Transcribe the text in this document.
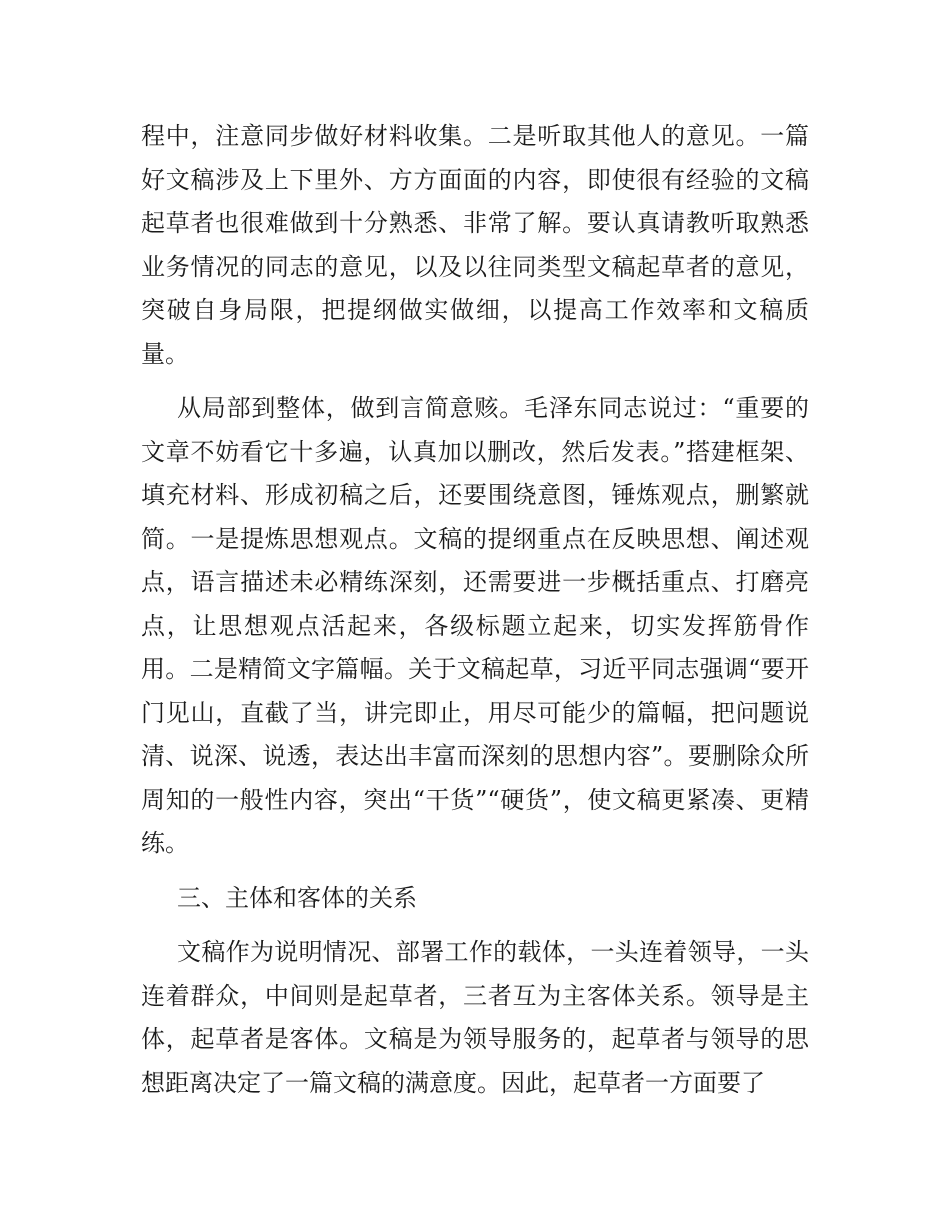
程中，注意同步做好材料收集。二是听取其他人的意见。一篇好文稿涉及上下里外、方方面面的内容，即使很有经验的文稿起草者也很难做到十分熟悉、非常了解。要认真请教听取熟悉业务情况的同志的意见，以及以往同类型文稿起草者的意见，突破自身局限，把提纲做实做细，以提高工作效率和文稿质量。

从局部到整体，做到言简意赅。毛泽东同志说过：“重要的文章不妨看它十多遍，认真加以删改，然后发表。”搭建框架、填充材料、形成初稿之后，还要围绕意图，锤炼观点，删繁就简。一是提炼思想观点。文稿的提纲重点在反映思想、阐述观点，语言描述未必精练深刻，还需要进一步概括重点、打磨亮点，让思想观点活起来，各级标题立起来，切实发挥筋骨作用。二是精简文字篇幅。关于文稿起草，习近平同志强调“要开门见山，直截了当，讲完即止，用尽可能少的篇幅，把问题说清、说深、说透，表达出丰富而深刻的思想内容”。要删除众所周知的一般性内容，突出“干货”“硬货”，使文稿更紧凑、更精练。

三、主体和客体的关系

文稿作为说明情况、部署工作的载体，一头连着领导，一头连着群众，中间则是起草者，三者互为主客体关系。领导是主体，起草者是客体。文稿是为领导服务的，起草者与领导的思想距离决定了一篇文稿的满意度。因此，起草者一方面要了
